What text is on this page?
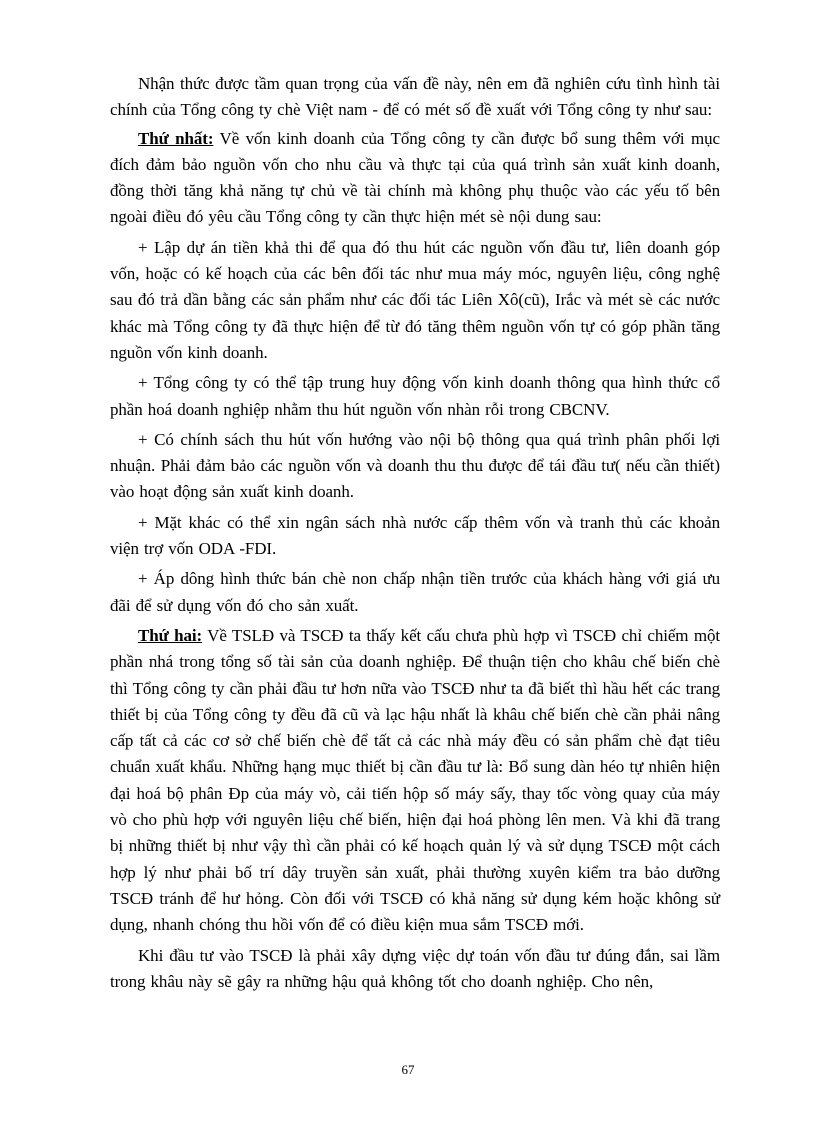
Nhận thức được tầm quan trọng của vấn đề này, nên em đã nghiên cứu tình hình tài chính của Tổng công ty chè Việt nam - để có mét số đề xuất với Tổng công ty như sau:

Thứ nhất: Về vốn kinh doanh của Tổng công ty cần được bổ sung thêm với mục đích đảm bảo nguồn vốn cho nhu cầu và thực tại của quá trình sản xuất kinh doanh, đồng thời tăng khả năng tự chủ về tài chính mà không phụ thuộc vào các yếu tố bên ngoài điều đó yêu cầu Tổng công ty cần thực hiện mét sè nội dung sau:

+ Lập dự án tiền khả thi để qua đó thu hút các nguồn vốn đầu tư, liên doanh góp vốn, hoặc có kế hoạch của các bên đối tác như mua máy móc, nguyên liệu, công nghệ sau đó trả dần bằng các sản phẩm như các đối tác Liên Xô(cũ), Irắc và mét sè các nước khác mà Tổng công ty đã thực hiện để từ đó tăng thêm nguồn vốn tự có góp phần tăng nguồn vốn kinh doanh.

+ Tổng công ty có thể tập trung huy động vốn kinh doanh thông qua hình thức cổ phần hoá doanh nghiệp nhằm thu hút nguồn vốn nhàn rỗi trong CBCNV.

+ Có chính sách thu hút vốn hướng vào nội bộ thông qua quá trình phân phối lợi nhuận. Phải đảm bảo các nguồn vốn và doanh thu thu được để tái đầu tư( nếu cần thiết) vào hoạt động sản xuất kinh doanh.

+ Mặt khác có thể xin ngân sách nhà nước cấp thêm vốn và tranh thủ các khoản viện trợ vốn ODA -FDI.

+ Áp dông hình thức bán chè non chấp nhận tiền trước của khách hàng với giá ưu đãi để sử dụng vốn đó cho sản xuất.

Thứ hai: Về TSLĐ và TSCĐ ta thấy kết cấu chưa phù hợp vì TSCĐ chỉ chiếm một phần nhá trong tổng số tài sản của doanh nghiệp. Để thuận tiện cho khâu chế biến chè thì Tổng công ty cần phải đầu tư hơn nữa vào TSCĐ như ta đã biết thì hầu hết các trang thiết bị của Tổng công ty đều đã cũ và lạc hậu nhất là khâu chế biến chè cần phải nâng cấp tất cả các cơ sở chế biến chè để tất cả các nhà máy đều có sản phẩm chè đạt tiêu chuẩn xuất khẩu. Những hạng mục thiết bị cần đầu tư là: Bổ sung dàn héo tự nhiên hiện đại hoá bộ phân Đp của máy vò, cải tiến hộp số máy sấy, thay tốc vòng quay của máy vò cho phù hợp với nguyên liệu chế biến, hiện đại hoá phòng lên men. Và khi đã trang bị những thiết bị như vậy thì cần phải có kế hoạch quản lý và sử dụng TSCĐ một cách hợp lý như phải bố trí dây truyền sản xuất, phải thường xuyên kiểm tra bảo dưỡng TSCĐ tránh để hư hỏng. Còn đối với TSCĐ có khả năng sử dụng kém hoặc không sử dụng, nhanh chóng thu hồi vốn để có điều kiện mua sắm TSCĐ mới.

Khi đầu tư vào TSCĐ là phải xây dựng việc dự toán vốn đầu tư đúng đắn, sai lầm trong khâu này sẽ gây ra những hậu quả không tốt cho doanh nghiệp. Cho nên,

67
